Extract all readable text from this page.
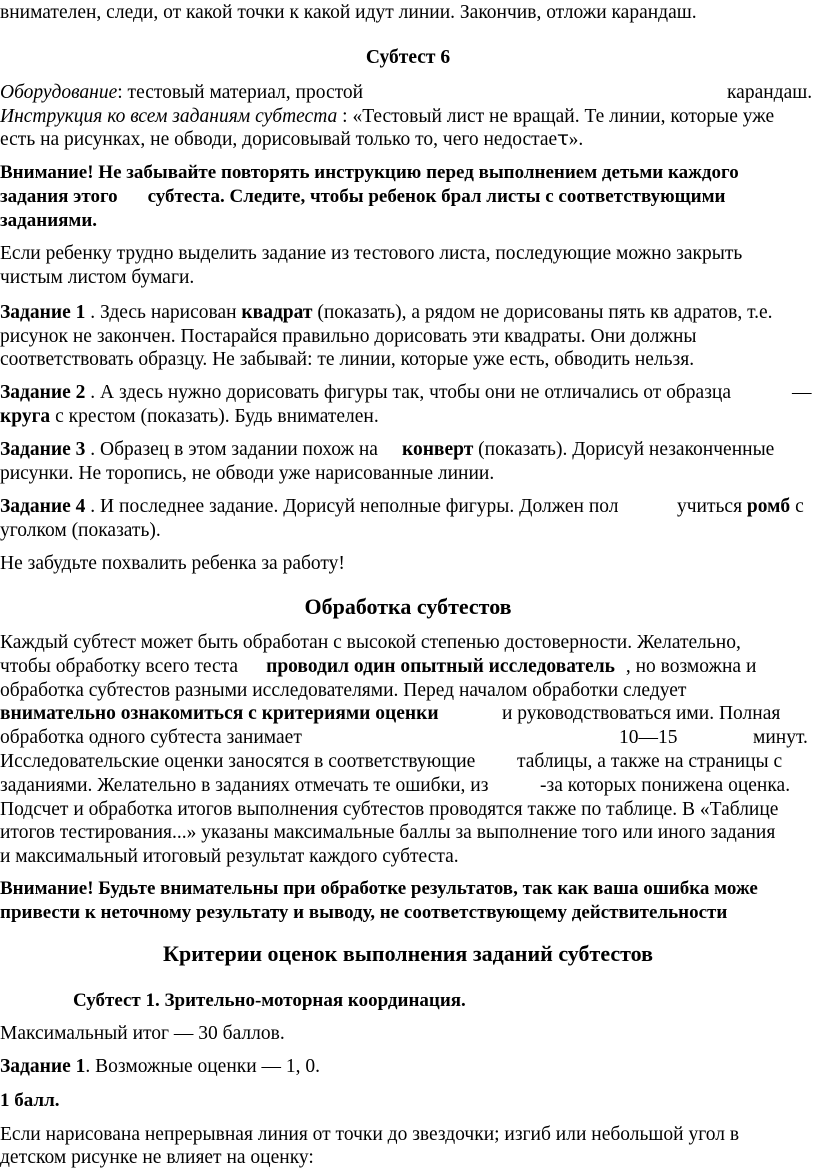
внимателен, следи, от какой точки к какой идут линии. Закончив, отложи карандаш.
Субтест 6
Оборудование: тестовый материал, простой	карандаш.
Инструкция ко всем заданиям субтеста : «Тестовый лист не вращай. Те линии, которые уже
есть на рисунках, не обводи, дорисовывай только то, чего недостаеꚍ».
Внимание! Не забывайте повторять инструкцию перед выполнением детьми каждого
задания этого субтеста. Следите, чтобы ребенок брал листы с соответствующими
заданиями.
Если ребенку трудно выделить задание из тестового листа, последующие можно закрыть
чистым листом бумаги.
Задание 1 . Здесь нарисован квадрат (показать), а рядом не дорисованы пять кв адратов, т.е.
рисунок не закончен. Постарайся правильно дорисовать эти квадраты. Они должны
соответствовать образцу. Не забывай: те линии, которые уже есть, обводить нельзя.
Задание 2 . А здесь нужно дорисовать фигуры так, чтобы они не отличались от образца	—
круга с крестом (показать). Будь внимателен.
Задание 3 . Образец в этом задании похож на конверт (показать). Дорисуй незаконченные
рисунки. Не торопись, не обводи уже нарисованные линии.
Задание 4 . И последнее задание. Дорисуй неполные фигуры. Должен пол	учиться ромб с
уголком (показать).
Не забудьте похвалить ребенка за работу!
Обработка субтестов
Каждый субтест может быть обработан с высокой степенью достоверности. Желательно,
чтобы обработку всего теста проводил один опытный исследователь , но возможна и
обработка субтестов разными исследователями. Перед началом обработки следует
внимательно ознакомиться с критериями оценки	и руководствоваться ими. Полная
обработка одного субтеста занимает	10—15	минут.
Исследовательские оценки заносятся в соответствующие таблицы, а также на страницы с
заданиями. Желательно в заданиях отмечать те ошибки, из	-за которых понижена оценка.
Подсчет и обработка итогов выполнения субтестов проводятся также по таблице. В «Таблице
итогов тестирования...» указаны максимальные баллы за выполнение того или иного задания
и максимальный итоговый результат каждого субтеста.
Внимание! Будьте внимательны при обработке результатов, так как ваша ошибка може
привести к неточному результату и выводу, не соответствующему действительности
Критерии оценок выполнения заданий субтестов
Субтест 1. Зрительно-моторная координация.
Максимальный итог — 30 баллов.
Задание 1. Возможные оценки — 1, 0.
1 балл.
Если нарисована непрерывная линия от точки до звездочки; изгиб или небольшой угол в
детском рисунке не влияет на оценку:
